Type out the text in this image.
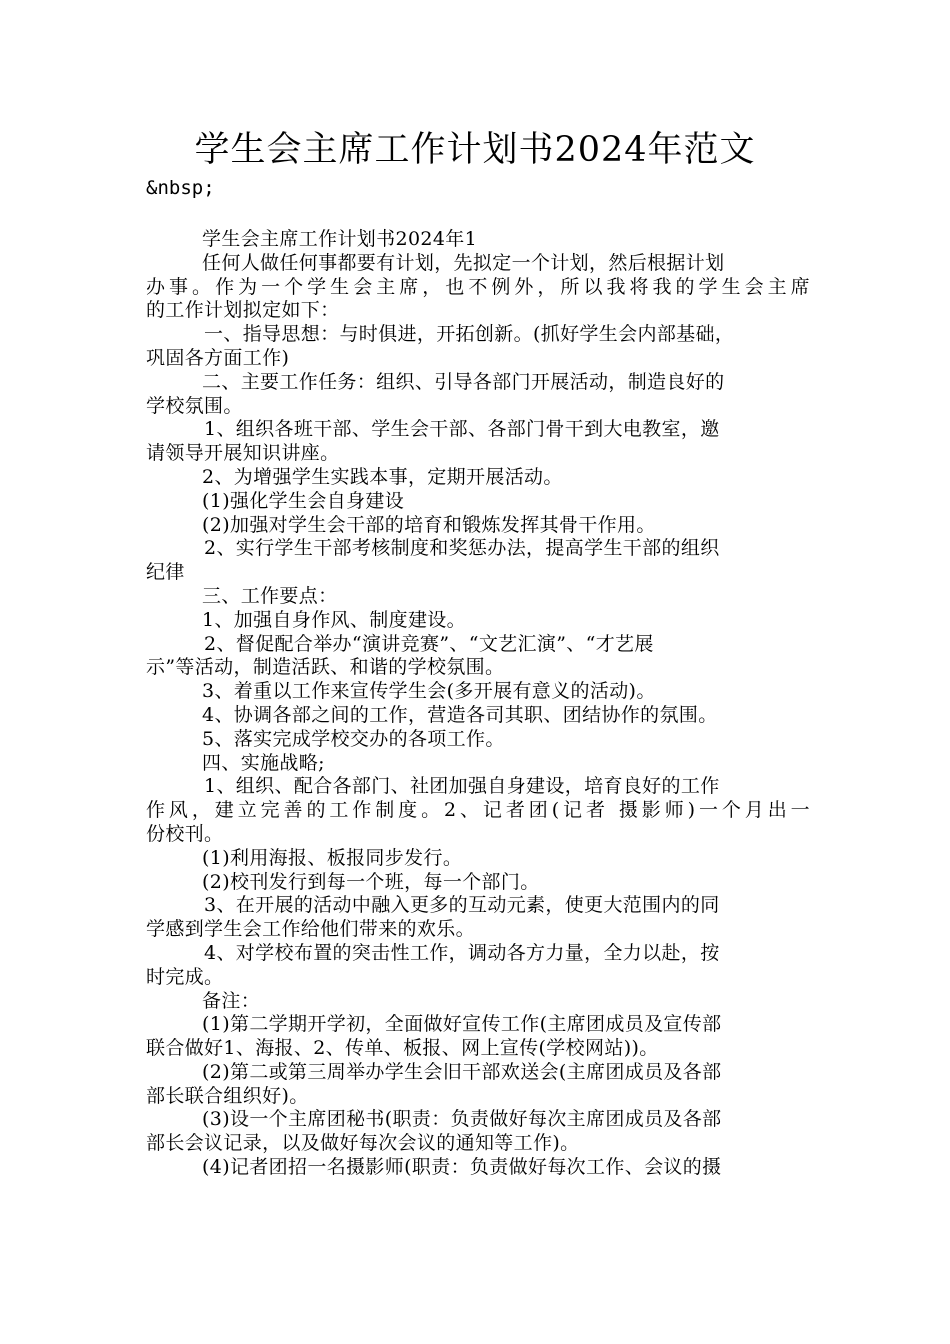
学生会主席工作计划书2024年范文
&nbsp;
学生会主席工作计划书2024年1
任何人做任何事都要有计划，先拟定一个计划，然后根据计划
办事。作为一个学生会主席，也不例外，所以我将我的学生会主席
的工作计划拟定如下：
一、指导思想：与时俱进，开拓创新。(抓好学生会内部基础，
巩固各方面工作)
二、主要工作任务：组织、引导各部门开展活动，制造良好的
学校氛围。
1、组织各班干部、学生会干部、各部门骨干到大电教室，邀
请领导开展知识讲座。
2、为增强学生实践本事，定期开展活动。
(1)强化学生会自身建设
(2)加强对学生会干部的培育和锻炼发挥其骨干作用。
2、实行学生干部考核制度和奖惩办法，提高学生干部的组织
纪律
三、工作要点：
1、加强自身作风、制度建设。
2、督促配合举办“演讲竞赛”、“文艺汇演”、“才艺展
示”等活动，制造活跃、和谐的学校氛围。
3、着重以工作来宣传学生会(多开展有意义的活动)。
4、协调各部之间的工作，营造各司其职、团结协作的氛围。
5、落实完成学校交办的各项工作。
四、实施战略;
1、组织、配合各部门、社团加强自身建设，培育良好的工作
作风，建立完善的工作制度。2、记者团(记者 摄影师)一个月出一
份校刊。
(1)利用海报、板报同步发行。
(2)校刊发行到每一个班，每一个部门。
3、在开展的活动中融入更多的互动元素，使更大范围内的同
学感到学生会工作给他们带来的欢乐。
4、对学校布置的突击性工作，调动各方力量，全力以赴，按
时完成。
备注：
(1)第二学期开学初，全面做好宣传工作(主席团成员及宣传部
联合做好1、海报、2、传单、板报、网上宣传(学校网站))。
(2)第二或第三周举办学生会旧干部欢送会(主席团成员及各部
部长联合组织好)。
(3)设一个主席团秘书(职责：负责做好每次主席团成员及各部
部长会议记录，以及做好每次会议的通知等工作)。
(4)记者团招一名摄影师(职责：负责做好每次工作、会议的摄
